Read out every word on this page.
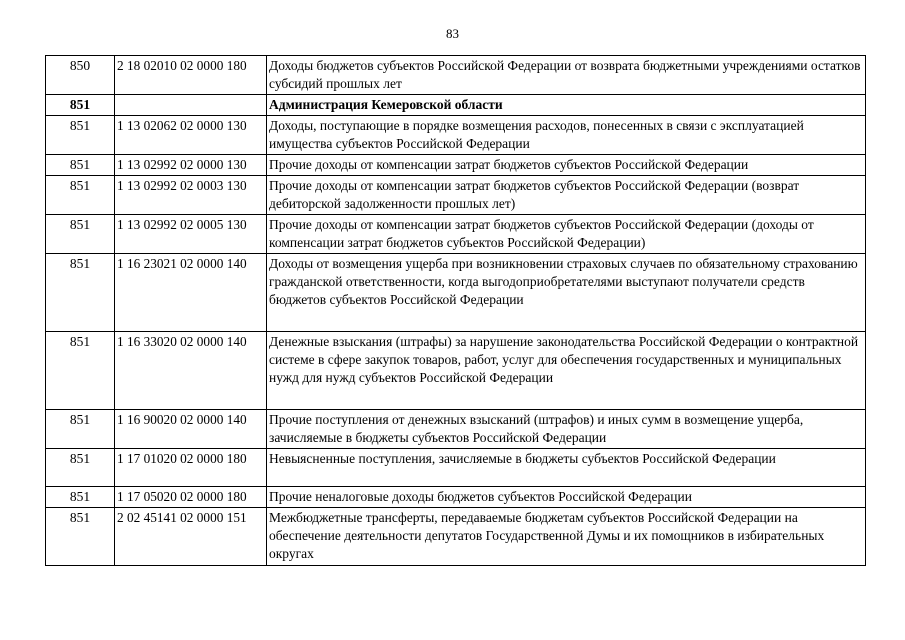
83
850	2 18 02010 02 0000 180	Доходы бюджетов субъектов Российской Федерации от возврата бюджетными учреждениями остатков субсидий прошлых лет
851		Администрация Кемеровской области
851	1 13 02062 02 0000 130	Доходы, поступающие в порядке возмещения расходов, понесенных в связи с эксплуатацией имущества субъектов Российской Федерации
851	1 13 02992 02 0000 130	Прочие доходы от компенсации затрат бюджетов субъектов Российской Федерации
851	1 13 02992 02 0003 130	Прочие доходы от компенсации затрат бюджетов субъектов Российской Федерации (возврат дебиторской задолженности прошлых лет)
851	1 13 02992 02 0005 130	Прочие доходы от компенсации затрат бюджетов субъектов Российской Федерации (доходы от компенсации затрат бюджетов субъектов Российской Федерации)
851	1 16 23021 02 0000 140	Доходы от возмещения ущерба при возникновении страховых случаев по обязательному страхованию гражданской ответственности, когда выгодоприобретателями выступают получатели средств бюджетов субъектов Российской Федерации
851	1 16 33020 02 0000 140	Денежные взыскания (штрафы) за нарушение законодательства Российской Федерации о контрактной системе в сфере закупок товаров, работ, услуг для обеспечения государственных и муниципальных нужд для нужд субъектов Российской Федерации
851	1 16 90020 02 0000 140	Прочие поступления от денежных взысканий (штрафов) и иных сумм в возмещение ущерба, зачисляемые в бюджеты субъектов Российской Федерации
851	1 17 01020 02 0000 180	Невыясненные поступления, зачисляемые в бюджеты субъектов Российской Федерации
851	1 17 05020 02 0000 180	Прочие неналоговые доходы бюджетов субъектов Российской Федерации
851	2 02 45141 02 0000 151	Межбюджетные трансферты, передаваемые бюджетам субъектов Российской Федерации на обеспечение деятельности депутатов Государственной Думы и их помощников в избирательных округах
